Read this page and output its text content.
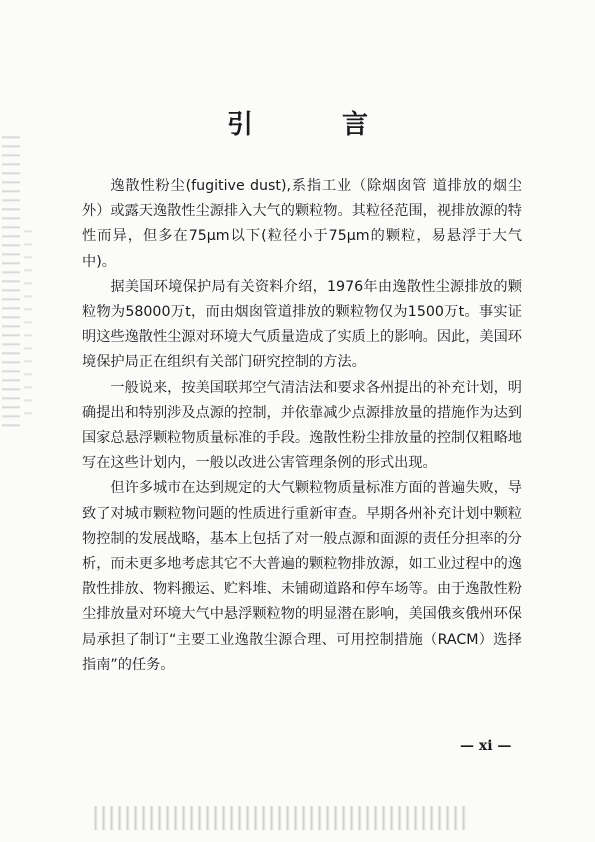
引 言

逸散性粉尘(fugitive dust),系指工业（除烟囱管 道排放的烟尘外）或露天逸散性尘源排入大气的颗粒物。其粒径范围，视排放源的特性而异，但多在75μm以下(粒径小于75μm的颗粒，易悬浮于大气中)。

据美国环境保护局有关资料介绍，1976年由逸散性尘源排放的颗粒物为58000万t，而由烟囱管道排放的颗粒物仅为1500万t。事实证明这些逸散性尘源对环境大气质量造成了实质上的影响。因此，美国环境保护局正在组织有关部门研究控制的方法。

一般说来，按美国联邦空气清洁法和要求各州提出的补充计划，明确提出和特别涉及点源的控制，并依靠减少点源排放量的措施作为达到国家总悬浮颗粒物质量标准的手段。逸散性粉尘排放量的控制仅粗略地写在这些计划内，一般以改进公害管理条例的形式出现。

但许多城市在达到规定的大气颗粒物质量标准方面的普遍失败，导致了对城市颗粒物问题的性质进行重新审查。早期各州补充计划中颗粒物控制的发展战略，基本上包括了对一般点源和面源的责任分担率的分析，而未更多地考虑其它不大普遍的颗粒物排放源，如工业过程中的逸散性排放、物料搬运、贮料堆、未铺砌道路和停车场等。由于逸散性粉尘排放量对环境大气中悬浮颗粒物的明显潜在影响，美国俄亥俄州环保局承担了制订“主要工业逸散尘源合理、可用控制措施（RACM）选择指南”的任务。

— xi —
